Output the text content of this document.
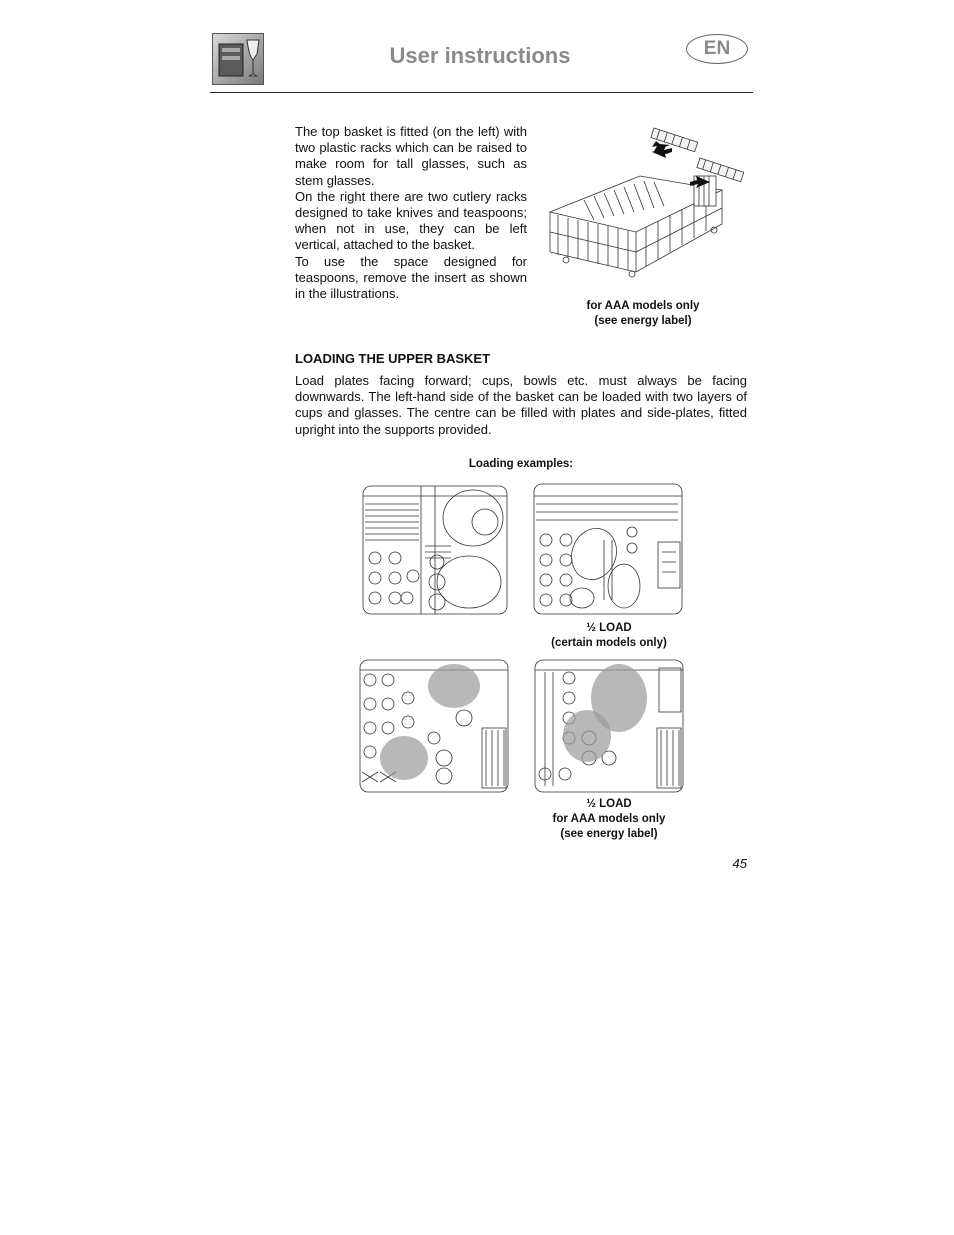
User instructions	EN

The top basket is fitted (on the left) with two plastic racks which can be raised to make room for tall glasses, such as stem glasses.

On the right there are two cutlery racks designed to take knives and teaspoons; when not in use, they can be left vertical, attached to the basket.

To use the space designed for teaspoons, remove the insert as shown in the illustrations.

for AAA models only
(see energy label)
LOADING THE UPPER BASKET

Load plates facing forward; cups, bowls etc. must always be facing downwards. The left-hand side of the basket can be loaded with two layers of cups and glasses. The centre can be filled with plates and side-plates, fitted upright into the supports provided.

Loading examples:
½ LOAD
(certain models only)
½ LOAD
for AAA models only
(see energy label)
45
